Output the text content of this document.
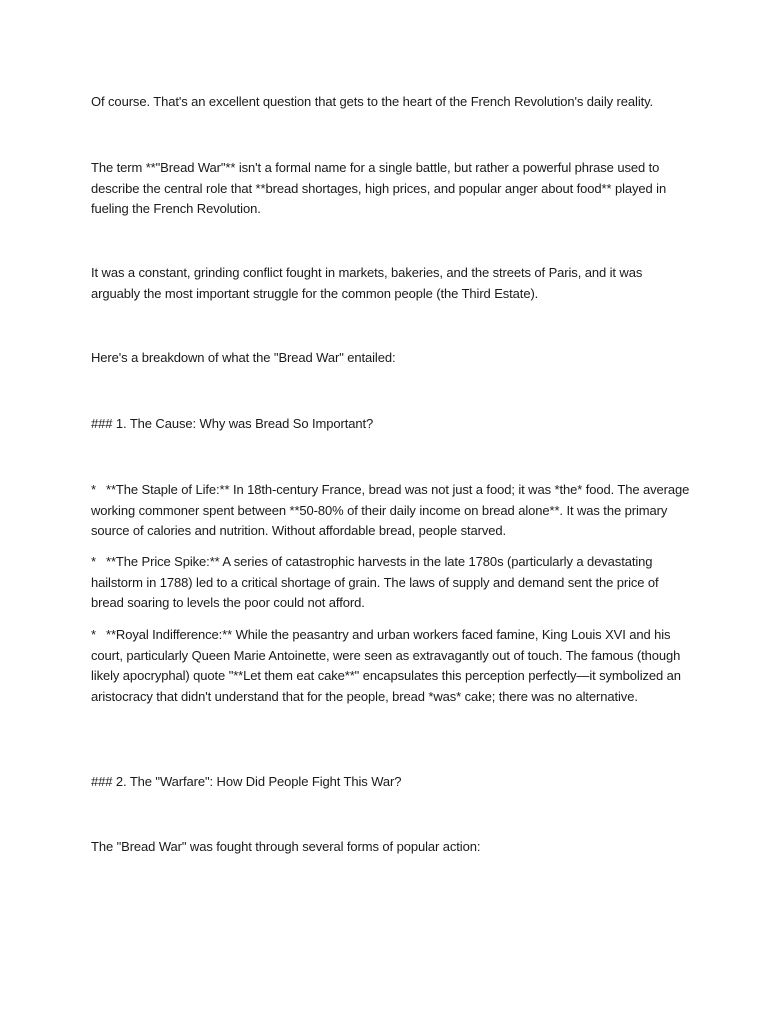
Of course. That's an excellent question that gets to the heart of the French Revolution's daily reality.
The term **"Bread War"** isn't a formal name for a single battle, but rather a powerful phrase used to describe the central role that **bread shortages, high prices, and popular anger about food** played in fueling the French Revolution.
It was a constant, grinding conflict fought in markets, bakeries, and the streets of Paris, and it was arguably the most important struggle for the common people (the Third Estate).
Here's a breakdown of what the "Bread War" entailed:
### 1. The Cause: Why was Bread So Important?
* **The Staple of Life:** In 18th-century France, bread was not just a food; it was *the* food. The average working commoner spent between **50-80% of their daily income on bread alone**. It was the primary source of calories and nutrition. Without affordable bread, people starved.
* **The Price Spike:** A series of catastrophic harvests in the late 1780s (particularly a devastating hailstorm in 1788) led to a critical shortage of grain. The laws of supply and demand sent the price of bread soaring to levels the poor could not afford.
* **Royal Indifference:** While the peasantry and urban workers faced famine, King Louis XVI and his court, particularly Queen Marie Antoinette, were seen as extravagantly out of touch. The famous (though likely apocryphal) quote "**Let them eat cake**" encapsulates this perception perfectly—it symbolized an aristocracy that didn't understand that for the people, bread *was* cake; there was no alternative.
### 2. The "Warfare": How Did People Fight This War?
The "Bread War" was fought through several forms of popular action:
